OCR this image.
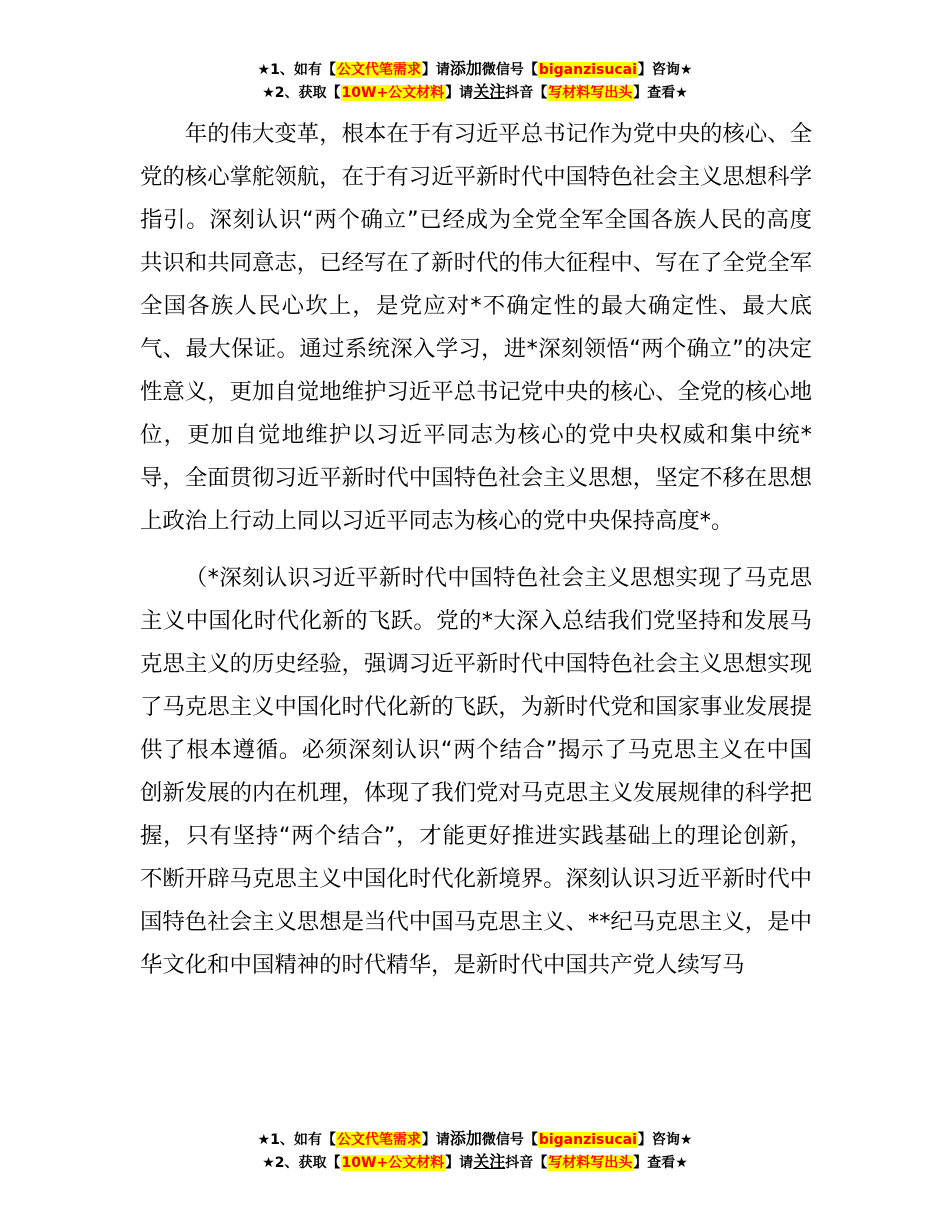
★1、如有【公文代笔需求】请添加微信号【biganzisucai】咨询★
★2、获取【10W+公文材料】请关注抖音【写材料写出头】查看★

年的伟大变革，根本在于有习近平总书记作为党中央的核心、全党的核心掌舵领航，在于有习近平新时代中国特色社会主义思想科学指引。深刻认识“两个确立”已经成为全党全军全国各族人民的高度共识和共同意志，已经写在了新时代的伟大征程中、写在了全党全军全国各族人民心坎上，是党应对*不确定性的最大确定性、最大底气、最大保证。通过系统深入学习，进*深刻领悟“两个确立”的决定性意义，更加自觉地维护习近平总书记党中央的核心、全党的核心地位，更加自觉地维护以习近平同志为核心的党中央权威和集中统*导，全面贯彻习近平新时代中国特色社会主义思想，坚定不移在思想上政治上行动上同以习近平同志为核心的党中央保持高度*。

（*深刻认识习近平新时代中国特色社会主义思想实现了马克思主义中国化时代化新的飞跃。党的*大深入总结我们党坚持和发展马克思主义的历史经验，强调习近平新时代中国特色社会主义思想实现了马克思主义中国化时代化新的飞跃，为新时代党和国家事业发展提供了根本遵循。必须深刻认识“两个结合”揭示了马克思主义在中国创新发展的内在机理，体现了我们党对马克思主义发展规律的科学把握，只有坚持“两个结合”，才能更好推进实践基础上的理论创新，不断开辟马克思主义中国化时代化新境界。深刻认识习近平新时代中国特色社会主义思想是当代中国马克思主义、**纪马克思主义，是中华文化和中国精神的时代精华，是新时代中国共产党人续写马

★1、如有【公文代笔需求】请添加微信号【biganzisucai】咨询★
★2、获取【10W+公文材料】请关注抖音【写材料写出头】查看★
